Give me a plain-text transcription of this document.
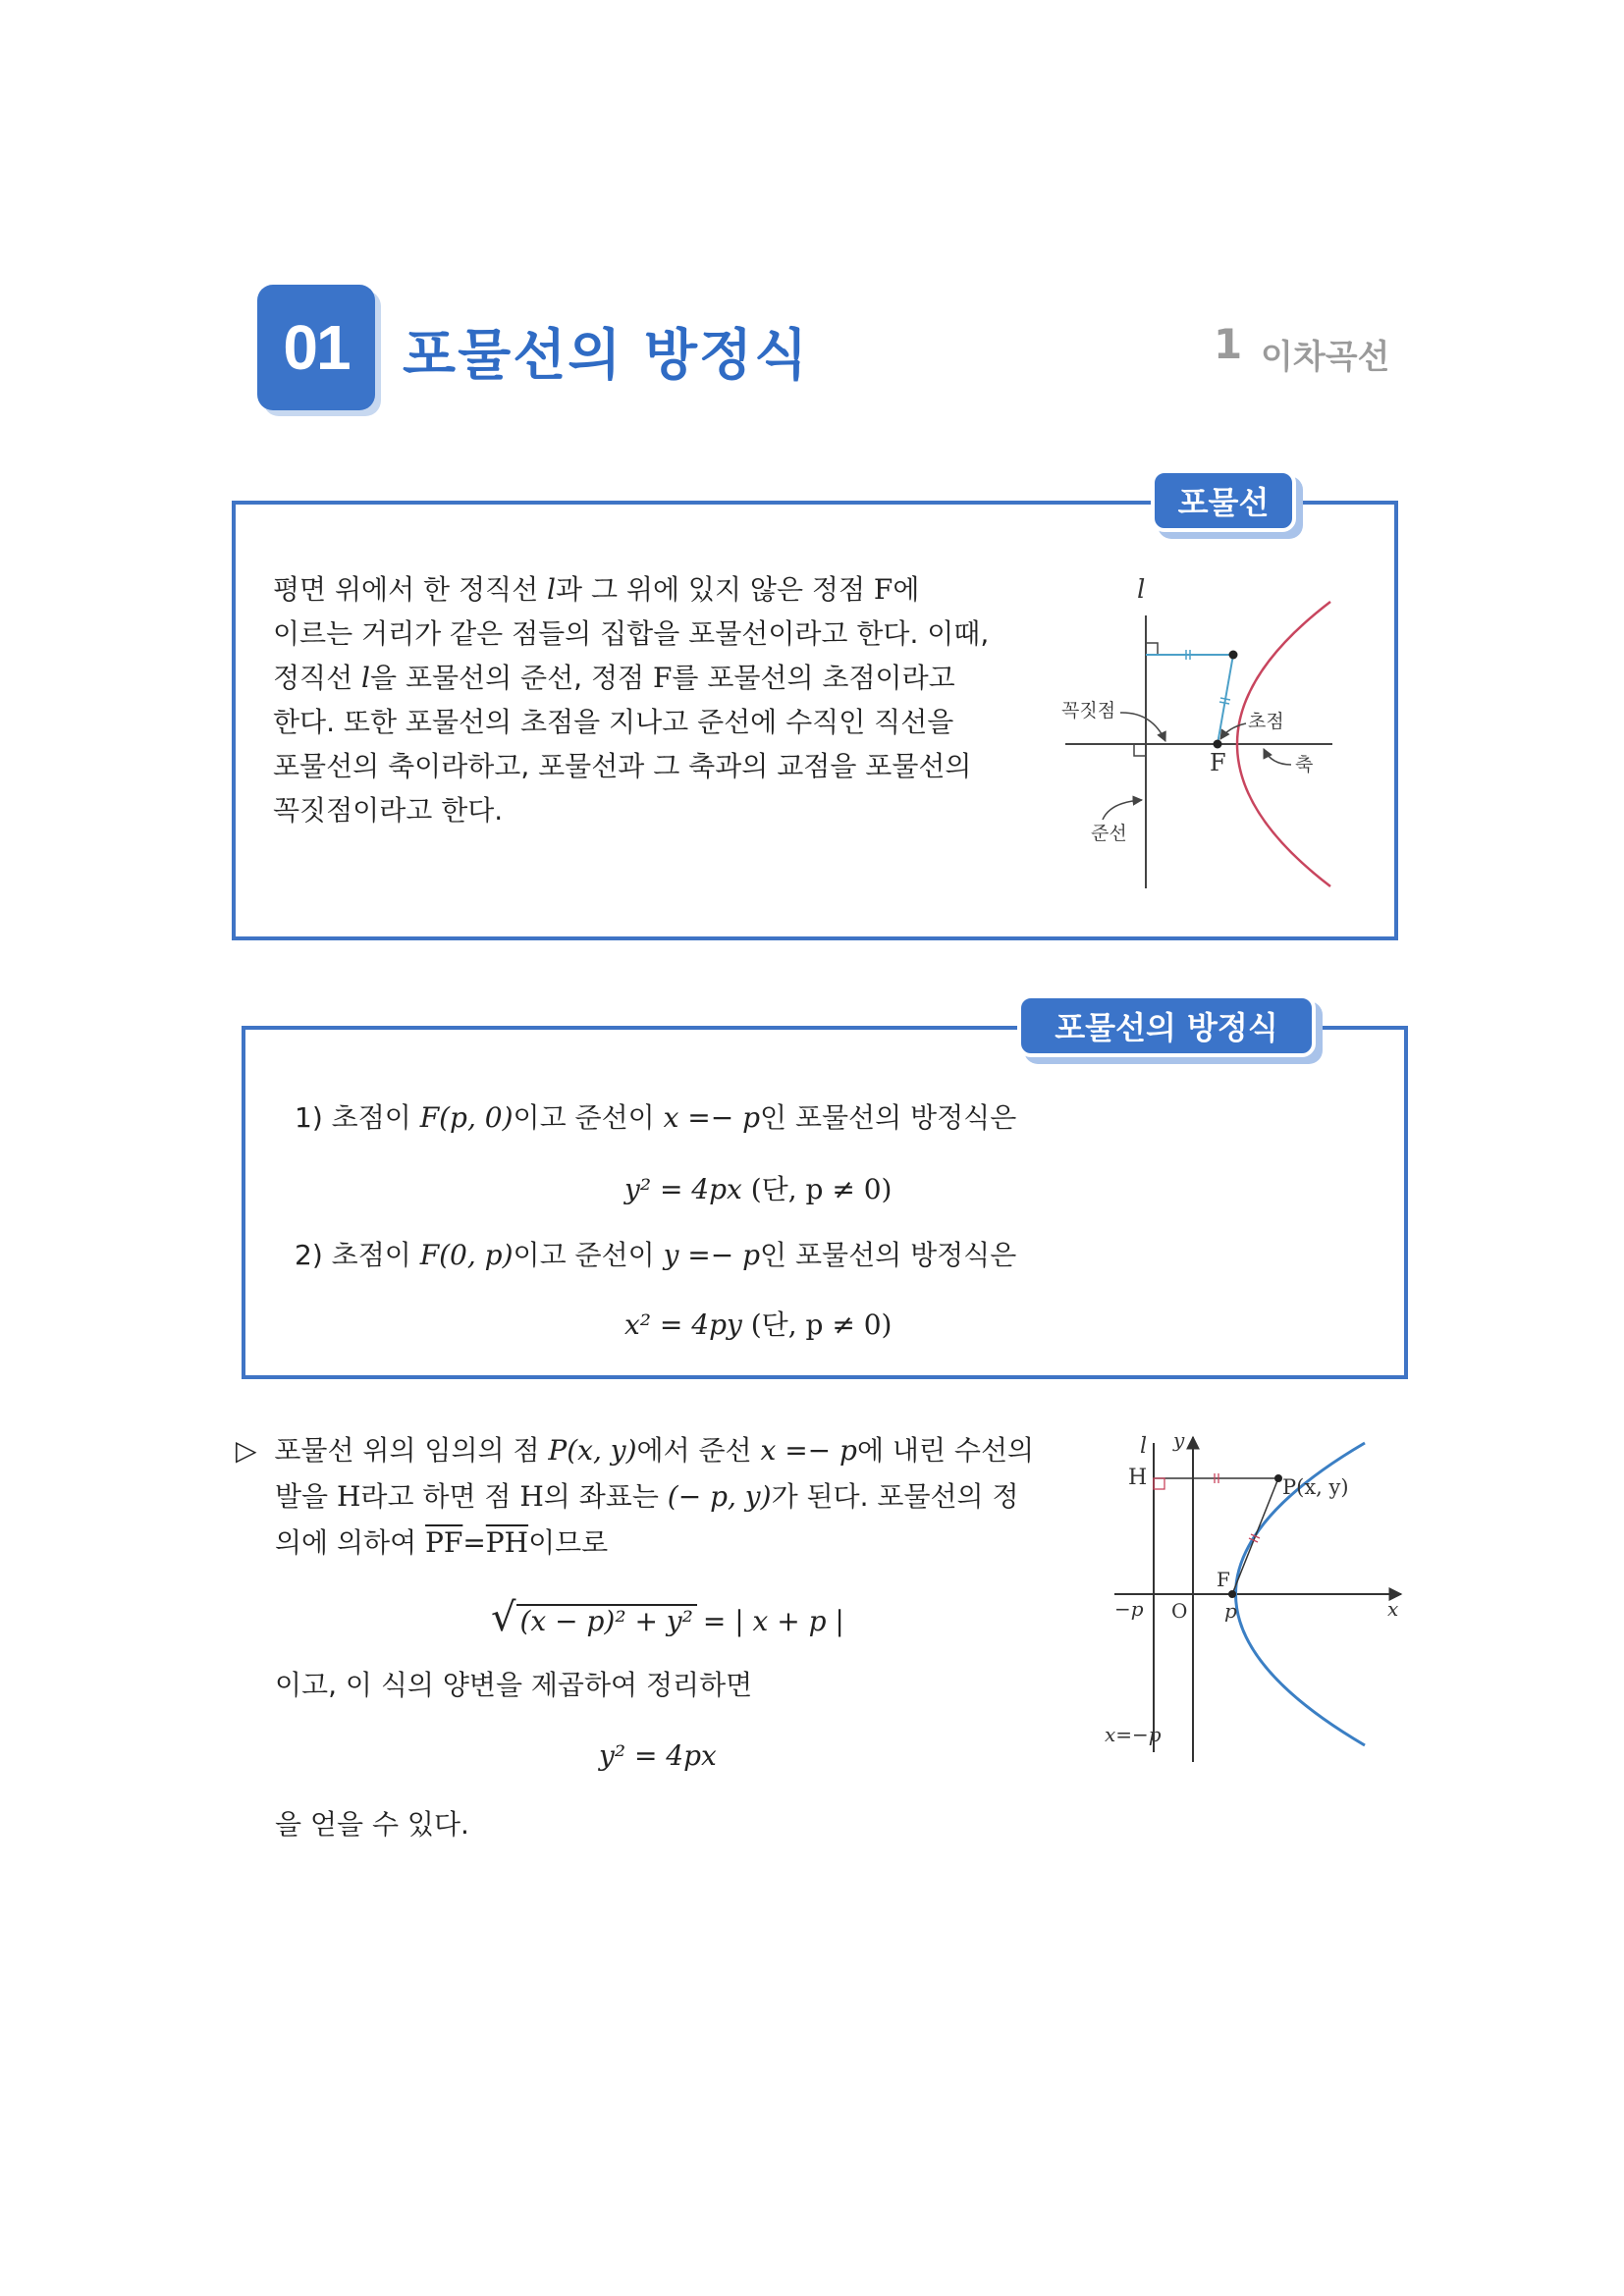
01 포물선의 방정식	1 이차곡선
포물선
평면 위에서 한 정직선 l과 그 위에 있지 않은 정점 F에
이르는 거리가 같은 점들의 집합을 포물선이라고 한다. 이때,
정직선 l을 포물선의 준선, 정점 F를 포물선의 초점이라고
한다. 또한 포물선의 초점을 지나고 준선에 수직인 직선을
포물선의 축이라하고, 포물선과 그 축과의 교점을 포물선의
꼭짓점이라고 한다.
l
꼭짓점	초점
F	축
준선
포물선의 방정식
1) 초점이 F(p, 0)이고 준선이 x =− p인 포물선의 방정식은
y² = 4px (단, p ≠ 0)
2) 초점이 F(0, p)이고 준선이 y =− p인 포물선의 방정식은
x² = 4py (단, p ≠ 0)
▷ 포물선 위의 임의의 점 P(x, y)에서 준선 x =− p에 내린 수선의
발을 H라고 하면 점 H의 좌표는 (− p, y)가 된다. 포물선의 정
의에 의하여 $\overline{PF}=\overline{PH}$이므로
√ (x − p)² + y² = | x + p |
이고, 이 식의 양변을 제곱하여 정리하면
y² = 4px
을 얻을 수 있다.
l y
H	P(x, y)
F
−p O p	x
x=−p
